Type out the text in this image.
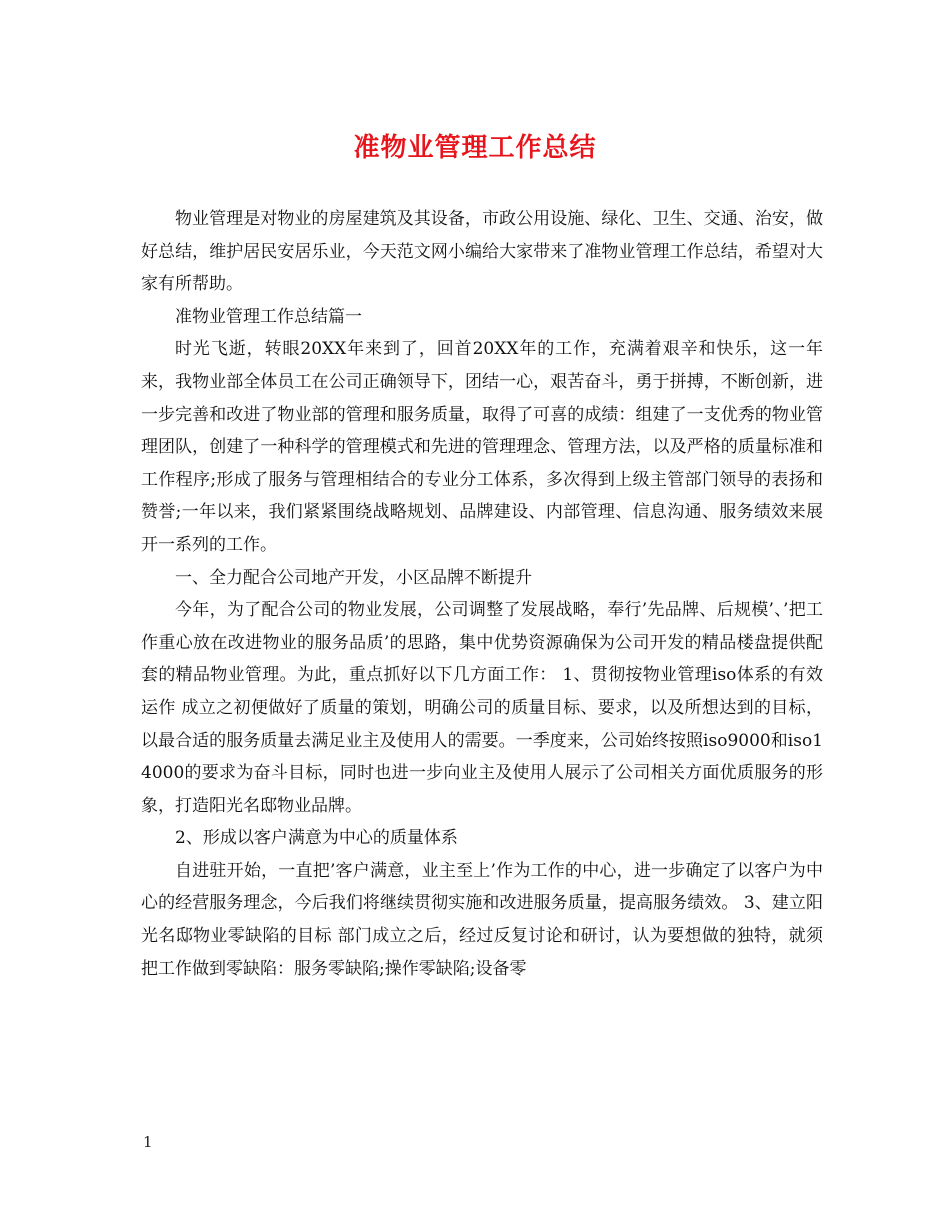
准物业管理工作总结

物业管理是对物业的房屋建筑及其设备，市政公用设施、绿化、卫生、交通、治安，做好总结，维护居民安居乐业，今天范文网小编给大家带来了准物业管理工作总结，希望对大家有所帮助。

准物业管理工作总结篇一

时光飞逝，转眼20XX年来到了，回首20XX年的工作，充满着艰辛和快乐，这一年来，我物业部全体员工在公司正确领导下，团结一心，艰苦奋斗，勇于拼搏，不断创新，进一步完善和改进了物业部的管理和服务质量，取得了可喜的成绩：组建了一支优秀的物业管理团队，创建了一种科学的管理模式和先进的管理理念、管理方法，以及严格的质量标准和工作程序;形成了服务与管理相结合的专业分工体系，多次得到上级主管部门领导的表扬和赞誉;一年以来，我们紧紧围绕战略规划、品牌建设、内部管理、信息沟通、服务绩效来展开一系列的工作。

一、全力配合公司地产开发，小区品牌不断提升

今年，为了配合公司的物业发展，公司调整了发展战略，奉行’先品牌、后规模’、’把工作重心放在改进物业的服务品质’的思路，集中优势资源确保为公司开发的精品楼盘提供配套的精品物业管理。为此，重点抓好以下几方面工作： 1、贯彻按物业管理iso体系的有效运作 成立之初便做好了质量的策划，明确公司的质量目标、要求，以及所想达到的目标，以最合适的服务质量去满足业主及使用人的需要。一季度来，公司始终按照iso9000和iso14000的要求为奋斗目标，同时也进一步向业主及使用人展示了公司相关方面优质服务的形象，打造阳光名邸物业品牌。

2、形成以客户满意为中心的质量体系

自进驻开始，一直把’客户满意，业主至上’作为工作的中心，进一步确定了以客户为中心的经营服务理念，今后我们将继续贯彻实施和改进服务质量，提高服务绩效。 3、建立阳光名邸物业零缺陷的目标 部门成立之后，经过反复讨论和研讨，认为要想做的独特，就须把工作做到零缺陷：服务零缺陷;操作零缺陷;设备零

1
